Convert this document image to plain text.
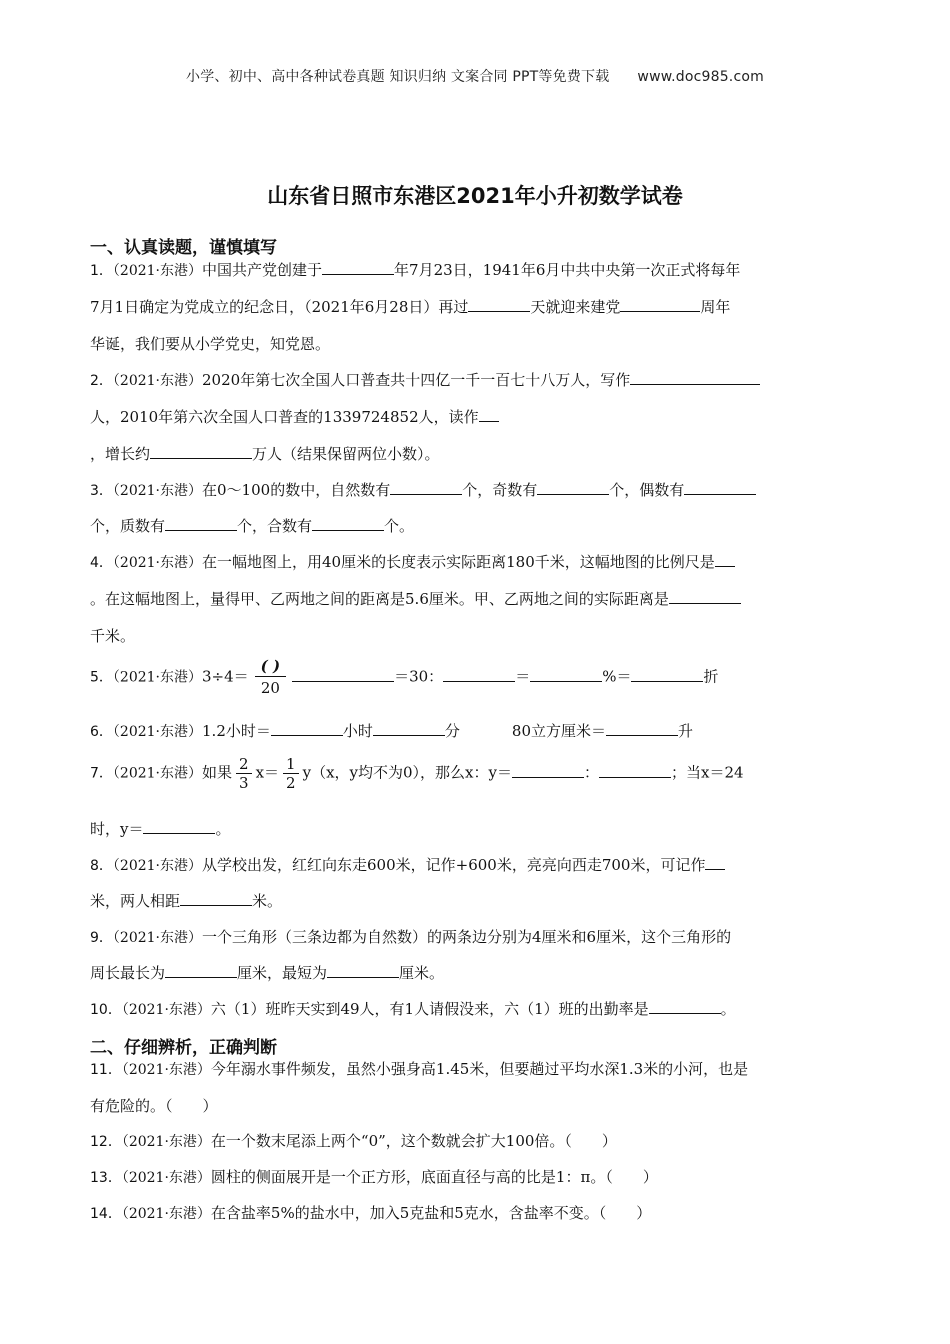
小学、初中、高中各种试卷真题 知识归纳 文案合同 PPT等免费下载 www.doc985.com
山东省日照市东港区2021年小升初数学试卷
一、认真读题，谨慎填写
1．（2021·东港）中国共产党创建于	年7月23日，1941年6月中共中央第一次正式将每年
7月1日确定为党成立的纪念日，（2021年6月28日）再过	天就迎来建党	周年
华诞，我们要从小学党史，知党恩。
2．（2021·东港）2020年第七次全国人口普查共十四亿一千一百七十八万人，写作
人，2010年第六次全国人口普查的1339724852人，读作
，增长约	万人（结果保留两位小数）。
3．（2021·东港）在0～100的数中，自然数有	个，奇数有	个，偶数有
个，质数有	个，合数有	个。
4．（2021·东港）在一幅地图上，用40厘米的长度表示实际距离180千米，这幅地图的比例尺是
。在这幅地图上，量得甲、乙两地之间的距离是5.6厘米。甲、乙两地之间的实际距离是
千米。
5．（2021·东港）3÷4＝
( )
20
＝30：	＝	%＝	折
6．（2021·东港）1.2小时＝	小时	分	80立方厘米＝	升
7．（2021·东港）如果 $\frac{2}{3} x= \frac{1}{2} y(x$，y均不为0），那么x：y＝	：	；当x＝24
时，y＝	。
8．（2021·东港）从学校出发，红红向东走600米，记作+600米，亮亮向西走700米，可记作
米，两人相距	米。
9．（2021·东港）一个三角形（三条边都为自然数）的两条边分别为4厘米和6厘米，这个三角形的
周长最长为	厘米，最短为	厘米。
10．（2021·东港）六（1）班昨天实到49人，有1人请假没来，六（1）班的出勤率是	。
二、仔细辨析，正确判断
11．（2021·东港）今年溺水事件频发，虽然小强身高1.45米，但要趟过平均水深1.3米的小河，也是
有危险的。（　　）
12．（2021·东港）在一个数末尾添上两个“0”，这个数就会扩大100倍。（　　）
13．（2021·东港）圆柱的侧面展开是一个正方形，底面直径与高的比是1：π。（　　）
14．（2021·东港）在含盐率5%的盐水中，加入5克盐和5克水，含盐率不变。（　　）
